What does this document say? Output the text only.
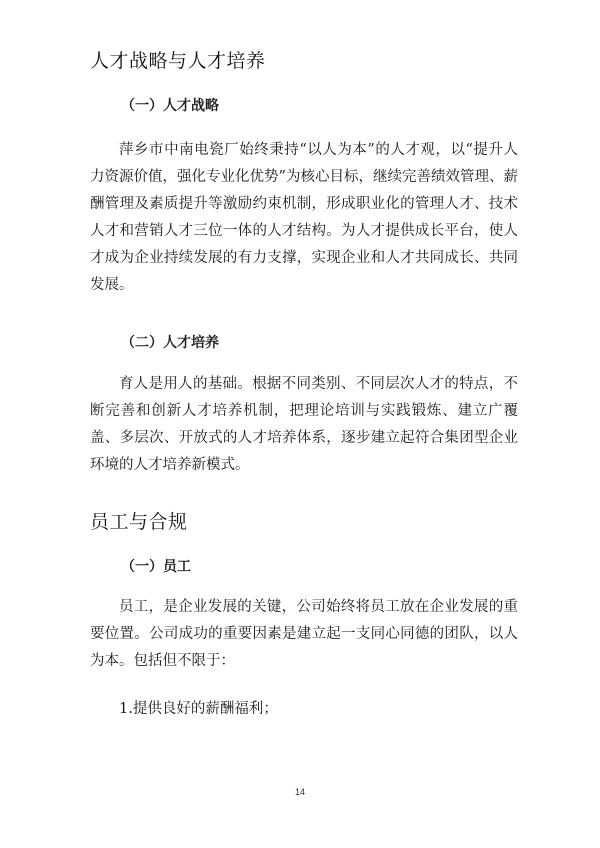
人才战略与人才培养
（一）人才战略

萍乡市中南电瓷厂始终秉持“以人为本”的人才观，以“提升人力资源价值，强化专业化优势”为核心目标，继续完善绩效管理、薪酬管理及素质提升等激励约束机制，形成职业化的管理人才、技术人才和营销人才三位一体的人才结构。为人才提供成长平台，使人才成为企业持续发展的有力支撑，实现企业和人才共同成长、共同发展。

（二）人才培养

育人是用人的基础。根据不同类别、不同层次人才的特点，不断完善和创新人才培养机制，把理论培训与实践锻炼、建立广覆盖、多层次、开放式的人才培养体系，逐步建立起符合集团型企业环境的人才培养新模式。

员工与合规
（一）员工

员工，是企业发展的关键，公司始终将员工放在企业发展的重要位置。公司成功的重要因素是建立起一支同心同德的团队，以人为本。包括但不限于：

1.提供良好的薪酬福利；

14
